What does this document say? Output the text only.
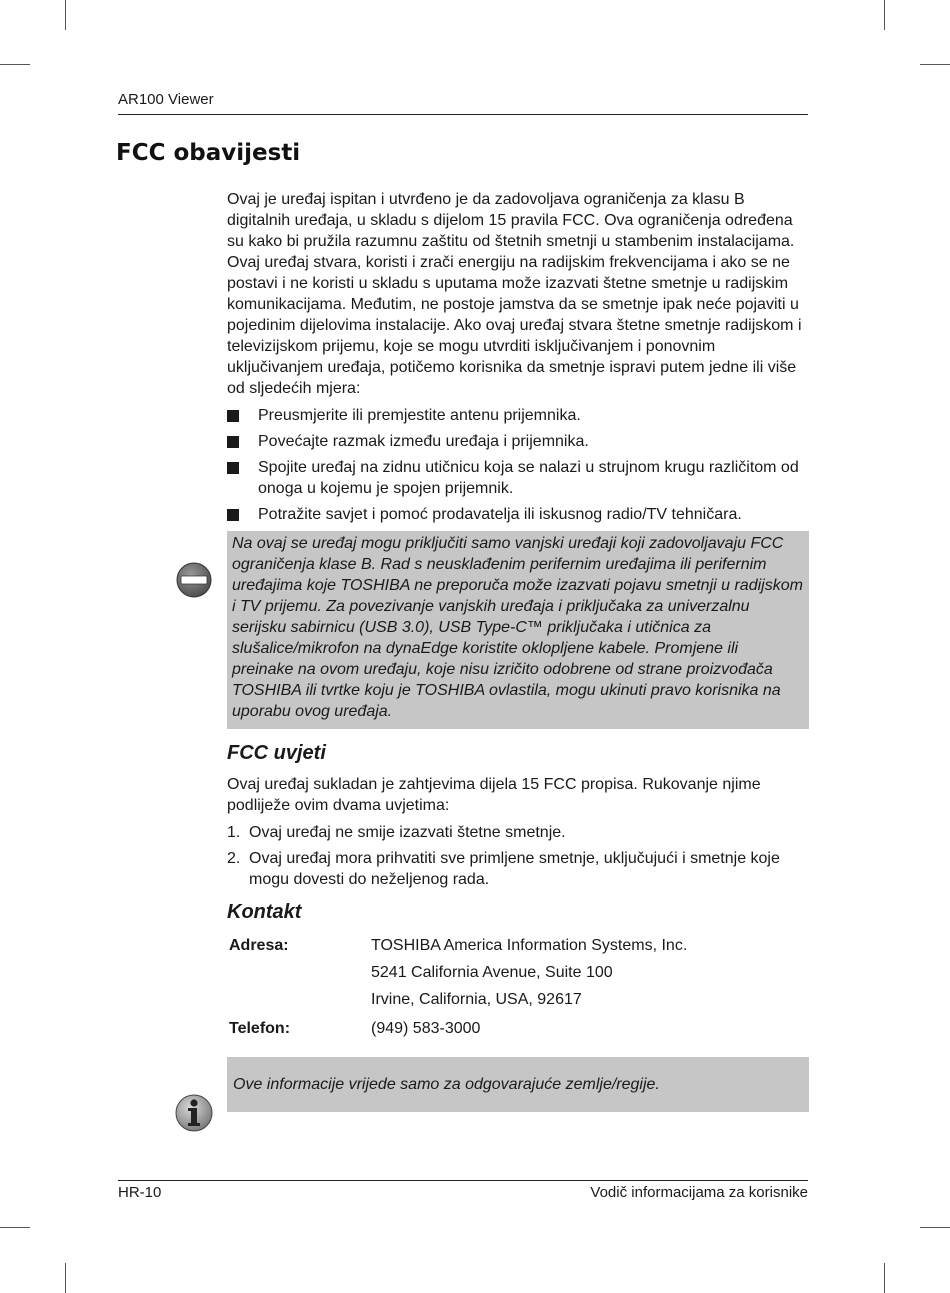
AR100 Viewer
FCC obavijesti

Ovaj je uređaj ispitan i utvrđeno je da zadovoljava ograničenja za klasu B digitalnih uređaja, u skladu s dijelom 15 pravila FCC. Ova ograničenja određena su kako bi pružila razumnu zaštitu od štetnih smetnji u stambenim instalacijama. Ovaj uređaj stvara, koristi i zrači energiju na radijskim frekvencijama i ako se ne postavi i ne koristi u skladu s uputama može izazvati štetne smetnje u radijskim komunikacijama. Međutim, ne postoje jamstva da se smetnje ipak neće pojaviti u pojedinim dijelovima instalacije. Ako ovaj uređaj stvara štetne smetnje radijskom i televizijskom prijemu, koje se mogu utvrditi isključivanjem i ponovnim uključivanjem uređaja, potičemo korisnika da smetnje ispravi putem jedne ili više od sljedećih mjera:

Preusmjerite ili premjestite antenu prijemnika.
Povećajte razmak između uređaja i prijemnika.
Spojite uređaj na zidnu utičnicu koja se nalazi u strujnom krugu različitom od onoga u kojemu je spojen prijemnik.
Potražite savjet i pomoć prodavatelja ili iskusnog radio/TV tehničara.
Na ovaj se uređaj mogu priključiti samo vanjski uređaji koji zadovoljavaju FCC ograničenja klase B. Rad s neusklađenim perifernim uređajima ili perifernim uređajima koje TOSHIBA ne preporuča može izazvati pojavu smetnji u radijskom i TV prijemu. Za povezivanje vanjskih uređaja i priključaka za univerzalnu serijsku sabirnicu (USB 3.0), USB Type-C™ priključaka i utičnica za slušalice/mikrofon na dynaEdge koristite oklopljene kabele. Promjene ili preinake na ovom uređaju, koje nisu izričito odobrene od strane proizvođača TOSHIBA ili tvrtke koju je TOSHIBA ovlastila, mogu ukinuti pravo korisnika na uporabu ovog uređaja.
FCC uvjeti

Ovaj uređaj sukladan je zahtjevima dijela 15 FCC propisa. Rukovanje njime podliježe ovim dvama uvjetima:

1. Ovaj uređaj ne smije izazvati štetne smetnje.
2. Ovaj uređaj mora prihvatiti sve primljene smetnje, uključujući i smetnje koje mogu dovesti do neželjenog rada.
Kontakt
Adresa:	TOSHIBA America Information Systems, Inc.
	5241 California Avenue, Suite 100
	Irvine, California, USA, 92617
Telefon:	(949) 583-3000
Ove informacije vrijede samo za odgovarajuće zemlje/regije.
HR-10	Vodič informacijama za korisnike
